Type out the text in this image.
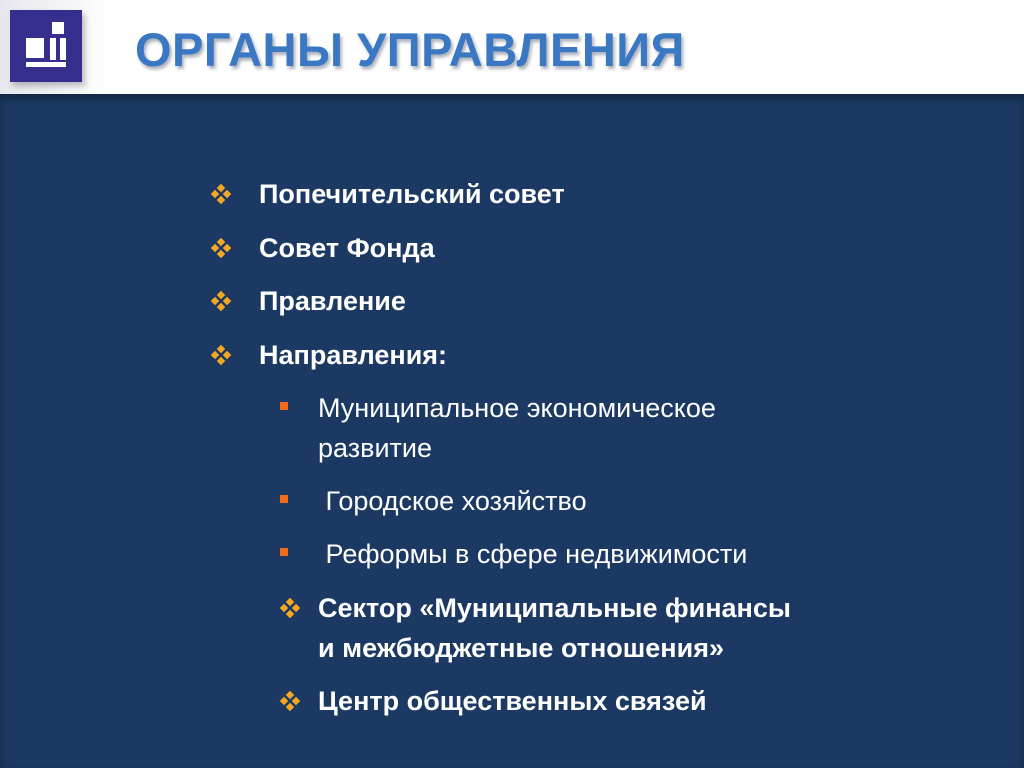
ОРГАНЫ УПРАВЛЕНИЯ
Попечительский совет
Совет Фонда
Правление
Направления:
Муниципальное экономическое
развитие
Городское хозяйство
Реформы в сфере недвижимости
Сектор «Муниципальные финансы
и межбюджетные отношения»
Центр общественных связей
